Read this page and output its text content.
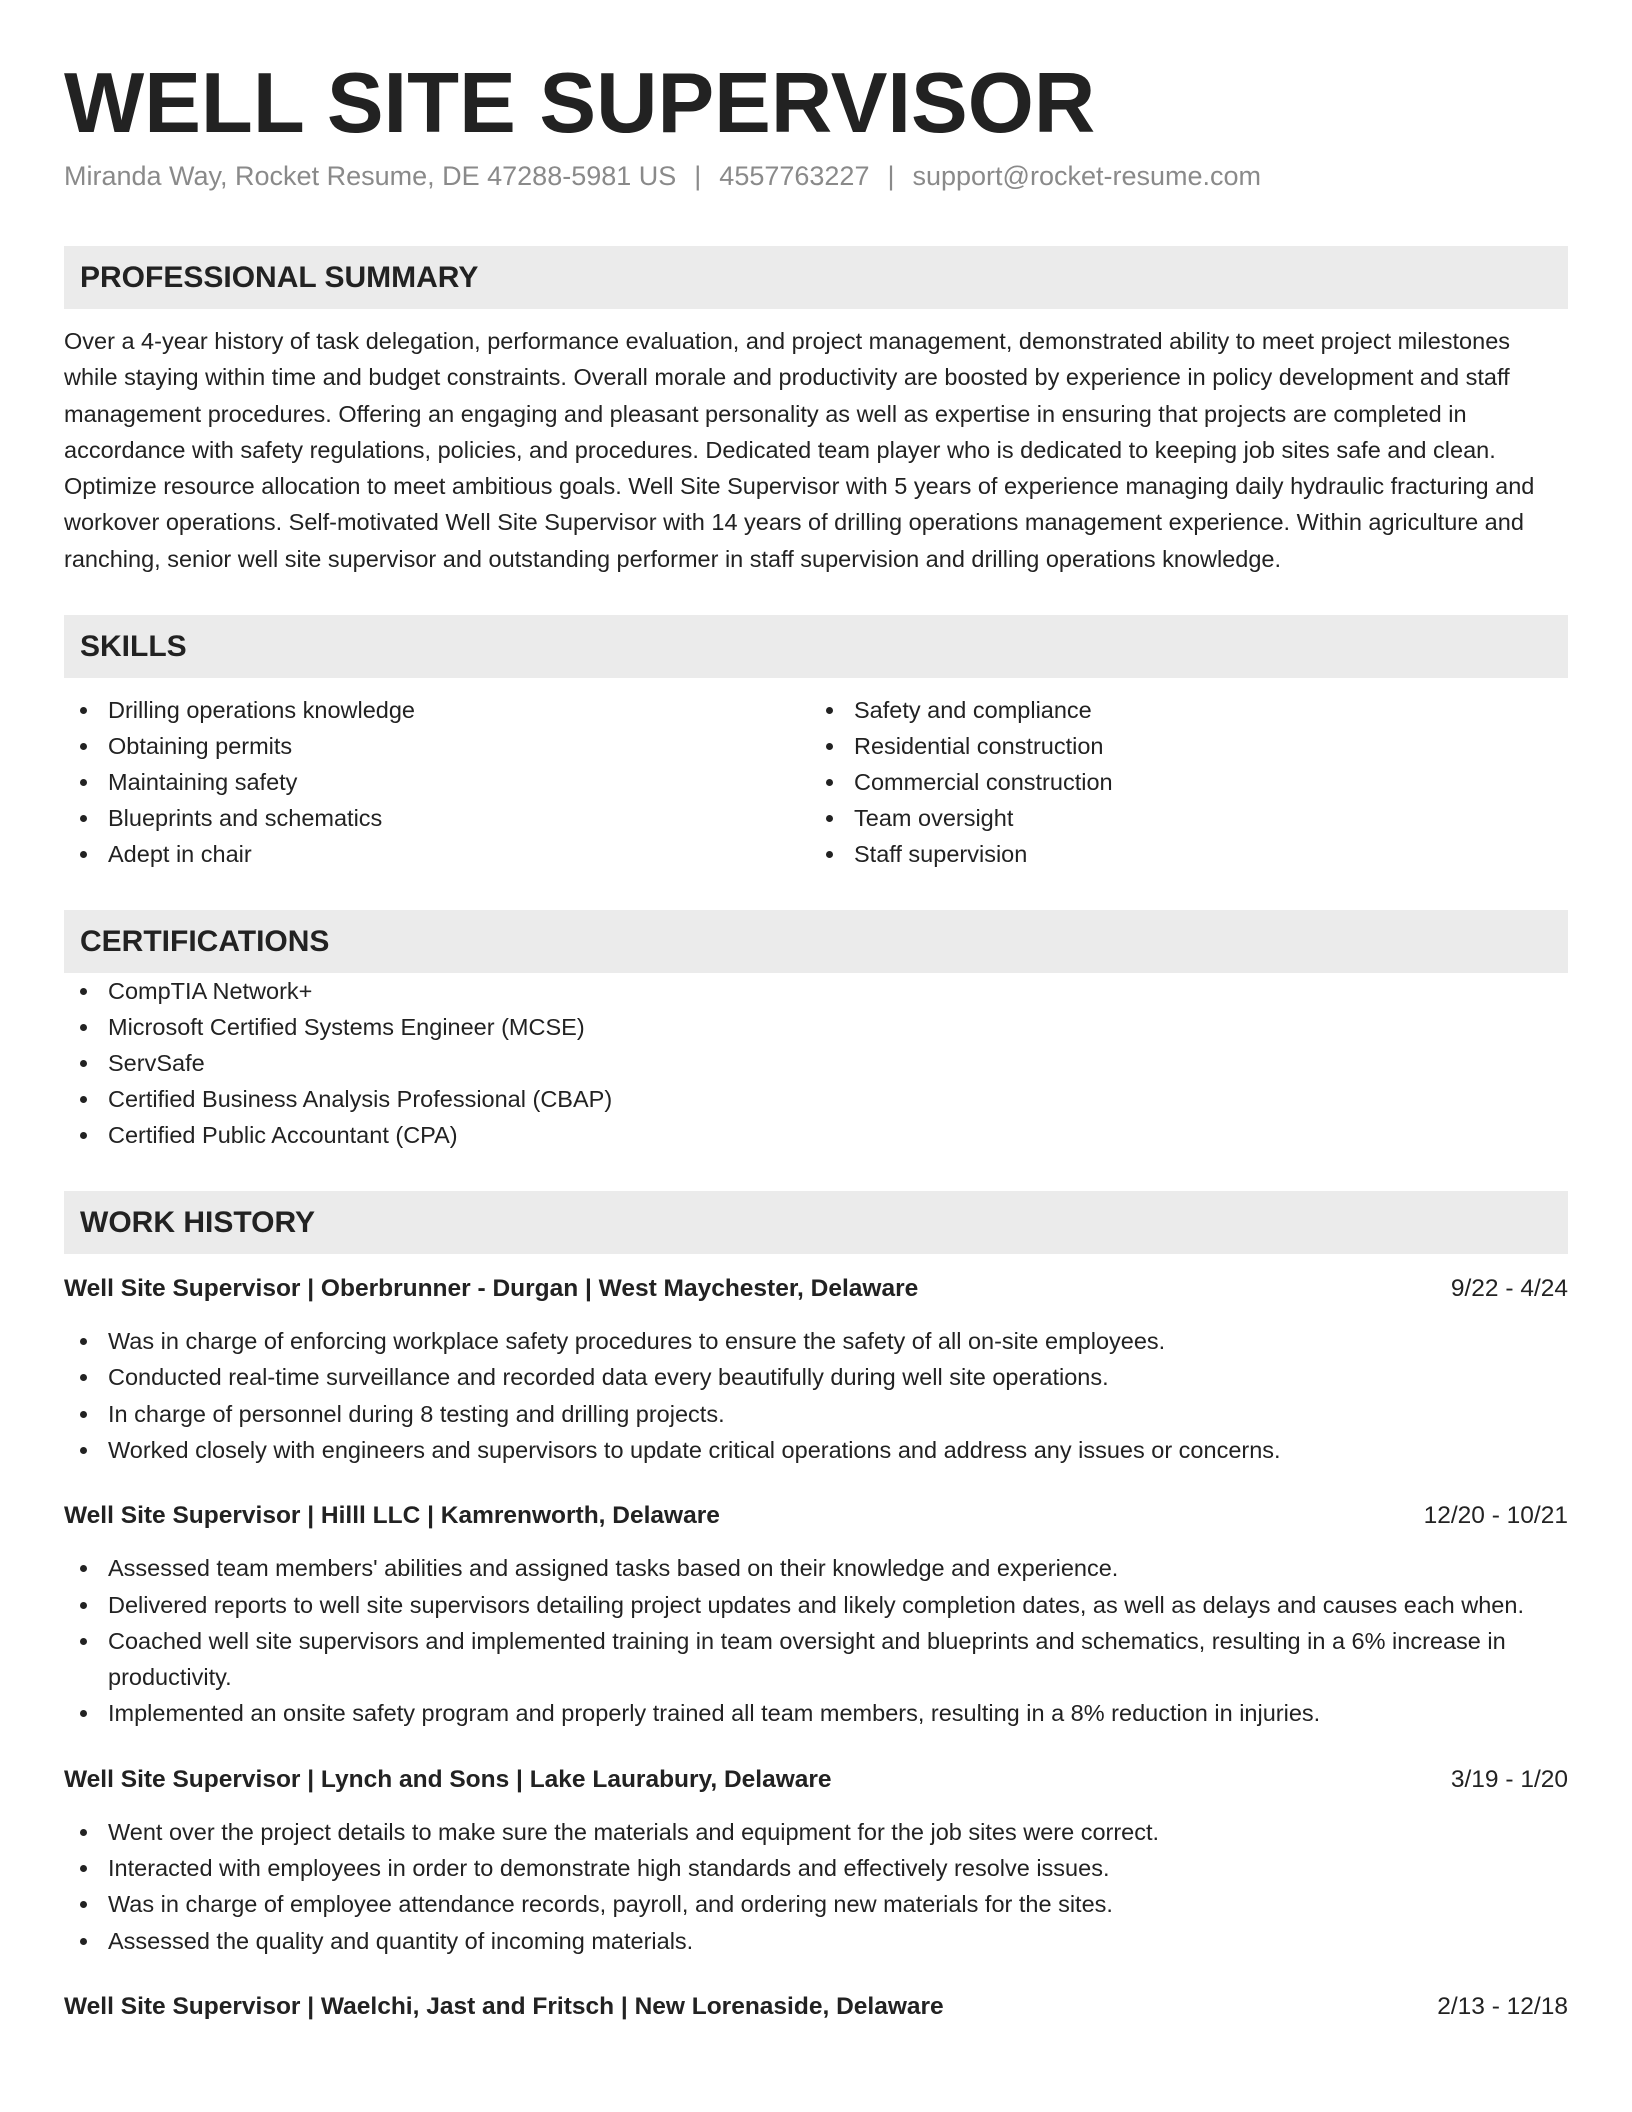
WELL SITE SUPERVISOR
Miranda Way, Rocket Resume, DE 47288-5981 US | 4557763227 | support@rocket-resume.com
PROFESSIONAL SUMMARY

Over a 4-year history of task delegation, performance evaluation, and project management, demonstrated ability to meet project milestones while staying within time and budget constraints. Overall morale and productivity are boosted by experience in policy development and staff management procedures. Offering an engaging and pleasant personality as well as expertise in ensuring that projects are completed in accordance with safety regulations, policies, and procedures. Dedicated team player who is dedicated to keeping job sites safe and clean. Optimize resource allocation to meet ambitious goals. Well Site Supervisor with 5 years of experience managing daily hydraulic fracturing and workover operations. Self-motivated Well Site Supervisor with 14 years of drilling operations management experience. Within agriculture and ranching, senior well site supervisor and outstanding performer in staff supervision and drilling operations knowledge.

SKILLS
Drilling operations knowledge
Obtaining permits
Maintaining safety
Blueprints and schematics
Adept in chair
Safety and compliance
Residential construction
Commercial construction
Team oversight
Staff supervision
CERTIFICATIONS
CompTIA Network+
Microsoft Certified Systems Engineer (MCSE)
ServSafe
Certified Business Analysis Professional (CBAP)
Certified Public Accountant (CPA)
WORK HISTORY
Well Site Supervisor | Oberbrunner - Durgan | West Maychester, Delaware	9/22 - 4/24
Was in charge of enforcing workplace safety procedures to ensure the safety of all on-site employees.
Conducted real-time surveillance and recorded data every beautifully during well site operations.
In charge of personnel during 8 testing and drilling projects.
Worked closely with engineers and supervisors to update critical operations and address any issues or concerns.
Well Site Supervisor | Hilll LLC | Kamrenworth, Delaware	12/20 - 10/21
Assessed team members' abilities and assigned tasks based on their knowledge and experience.
Delivered reports to well site supervisors detailing project updates and likely completion dates, as well as delays and causes each when.
Coached well site supervisors and implemented training in team oversight and blueprints and schematics, resulting in a 6% increase in productivity.
Implemented an onsite safety program and properly trained all team members, resulting in a 8% reduction in injuries.
Well Site Supervisor | Lynch and Sons | Lake Laurabury, Delaware	3/19 - 1/20
Went over the project details to make sure the materials and equipment for the job sites were correct.
Interacted with employees in order to demonstrate high standards and effectively resolve issues.
Was in charge of employee attendance records, payroll, and ordering new materials for the sites.
Assessed the quality and quantity of incoming materials.
Well Site Supervisor | Waelchi, Jast and Fritsch | New Lorenaside, Delaware	2/13 - 12/18
